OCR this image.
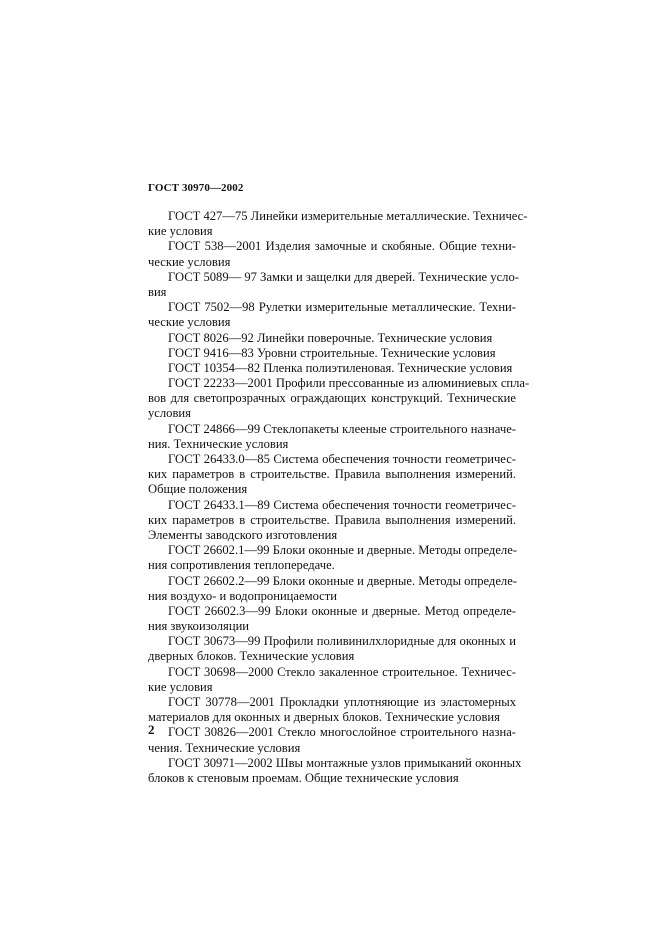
ГОСТ 30970—2002
ГОСТ 427—75 Линейки измерительные металлические. Техничес-
кие условия
ГОСТ 538—2001 Изделия замочные и скобяные. Общие техни-
ческие условия
ГОСТ 5089— 97 Замки и защелки для дверей. Технические усло-
вия
ГОСТ 7502—98 Рулетки измерительные металлические. Техни-
ческие условия
ГОСТ 8026—92 Линейки поверочные. Технические условия
ГОСТ 9416—83 Уровни строительные. Технические условия
ГОСТ 10354—82 Пленка полиэтиленовая. Технические условия
ГОСТ 22233—2001 Профили прессованные из алюминиевых спла-
вов для светопрозрачных ограждающих конструкций. Технические
условия
ГОСТ 24866—99 Стеклопакеты клееные строительного назначе-
ния. Технические условия
ГОСТ 26433.0—85 Система обеспечения точности геометричес-
ких параметров в строительстве. Правила выполнения измерений.
Общие положения
ГОСТ 26433.1—89 Система обеспечения точности геометричес-
ких параметров в строительстве. Правила выполнения измерений.
Элементы заводского изготовления
ГОСТ 26602.1—99 Блоки оконные и дверные. Методы определе-
ния сопротивления теплопередаче.
ГОСТ 26602.2—99 Блоки оконные и дверные. Методы определе-
ния воздухо- и водопроницаемости
ГОСТ 26602.3—99 Блоки оконные и дверные. Метод определе-
ния звукоизоляции
ГОСТ 30673—99 Профили поливинилхлоридные для оконных и
дверных блоков. Технические условия
ГОСТ 30698—2000 Стекло закаленное строительное. Техничес-
кие условия
ГОСТ 30778—2001 Прокладки уплотняющие из эластомерных
материалов для оконных и дверных блоков. Технические условия
ГОСТ 30826—2001 Стекло многослойное строительного назна-
чения. Технические условия
ГОСТ 30971—2002 Швы монтажные узлов примыканий оконных
блоков к стеновым проемам. Общие технические условия
2
